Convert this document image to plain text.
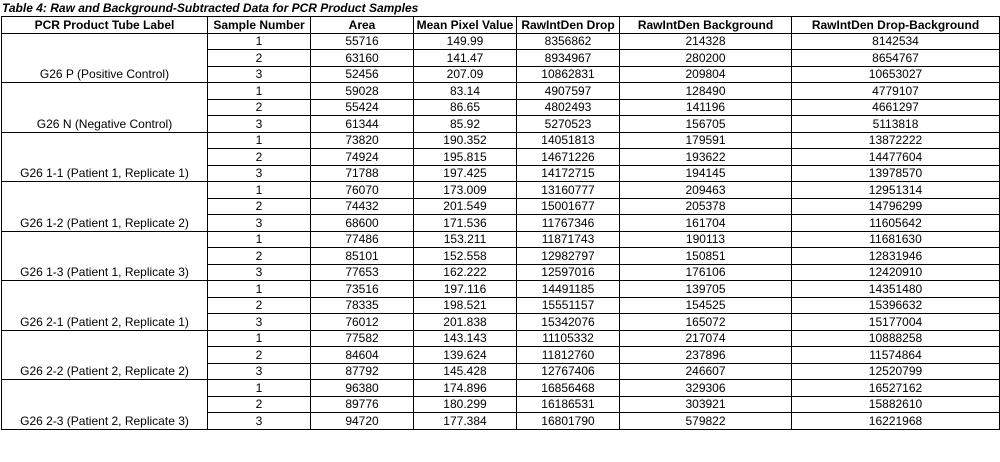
Table 4: Raw and Background-Subtracted Data for PCR Product Samples
PCR Product Tube Label	Sample Number	Area	Mean Pixel Value	RawIntDen Drop	RawIntDen Background	RawIntDen Drop-Background
G26 P (Positive Control)	1	55716	149.99	8356862	214328	8142534
	2	63160	141.47	8934967	280200	8654767
	3	52456	207.09	10862831	209804	10653027
G26 N (Negative Control)	1	59028	83.14	4907597	128490	4779107
	2	55424	86.65	4802493	141196	4661297
	3	61344	85.92	5270523	156705	5113818
G26 1-1 (Patient 1, Replicate 1)	1	73820	190.352	14051813	179591	13872222
	2	74924	195.815	14671226	193622	14477604
	3	71788	197.425	14172715	194145	13978570
G26 1-2 (Patient 1, Replicate 2)	1	76070	173.009	13160777	209463	12951314
	2	74432	201.549	15001677	205378	14796299
	3	68600	171.536	11767346	161704	11605642
G26 1-3 (Patient 1, Replicate 3)	1	77486	153.211	11871743	190113	11681630
	2	85101	152.558	12982797	150851	12831946
	3	77653	162.222	12597016	176106	12420910
G26 2-1 (Patient 2, Replicate 1)	1	73516	197.116	14491185	139705	14351480
	2	78335	198.521	15551157	154525	15396632
	3	76012	201.838	15342076	165072	15177004
G26 2-2 (Patient 2, Replicate 2)	1	77582	143.143	11105332	217074	10888258
	2	84604	139.624	11812760	237896	11574864
	3	87792	145.428	12767406	246607	12520799
G26 2-3 (Patient 2, Replicate 3)	1	96380	174.896	16856468	329306	16527162
	2	89776	180.299	16186531	303921	15882610
	3	94720	177.384	16801790	579822	16221968
